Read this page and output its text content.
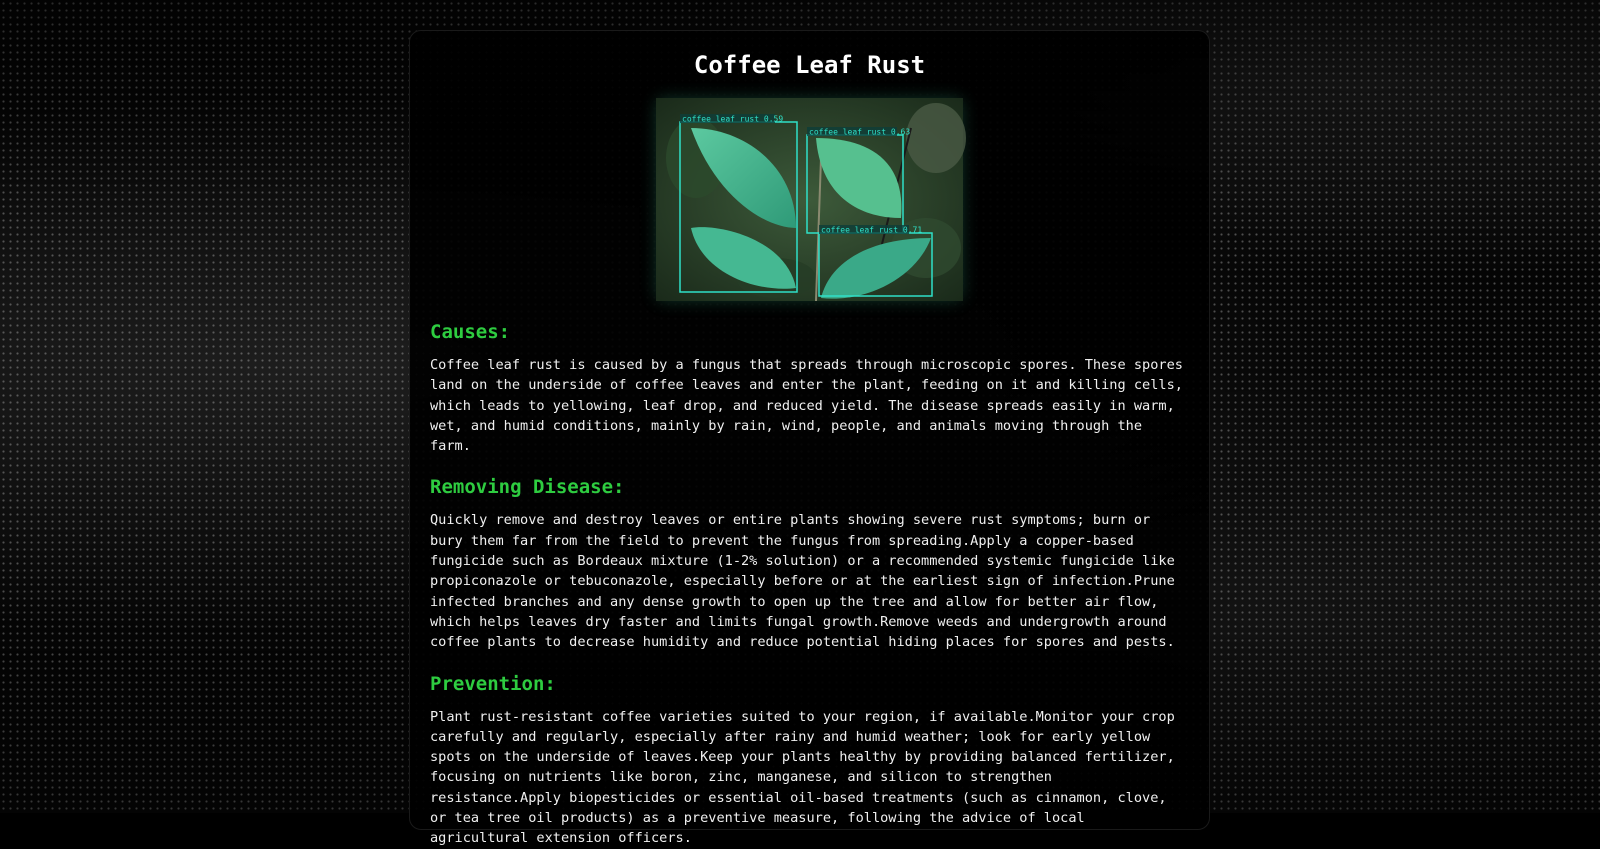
Coffee Leaf Rust
coffee leaf rust 0.59
coffee leaf rust 0.63
coffee leaf rust 0.71
Causes:

Coffee leaf rust is caused by a fungus that spreads through microscopic spores. These spores land on the underside of coffee leaves and enter the plant, feeding on it and killing cells, which leads to yellowing, leaf drop, and reduced yield. The disease spreads easily in warm, wet, and humid conditions, mainly by rain, wind, people, and animals moving through the farm.

Removing Disease:

Quickly remove and destroy leaves or entire plants showing severe rust symptoms; burn or bury them far from the field to prevent the fungus from spreading.Apply a copper-based fungicide such as Bordeaux mixture (1-2% solution) or a recommended systemic fungicide like propiconazole or tebuconazole, especially before or at the earliest sign of infection.Prune infected branches and any dense growth to open up the tree and allow for better air flow, which helps leaves dry faster and limits fungal growth.Remove weeds and undergrowth around coffee plants to decrease humidity and reduce potential hiding places for spores and pests.

Prevention:

Plant rust-resistant coffee varieties suited to your region, if available.Monitor your crop carefully and regularly, especially after rainy and humid weather; look for early yellow spots on the underside of leaves.Keep your plants healthy by providing balanced fertilizer, focusing on nutrients like boron, zinc, manganese, and silicon to strengthen resistance.Apply biopesticides or essential oil-based treatments (such as cinnamon, clove, or tea tree oil products) as a preventive measure, following the advice of local agricultural extension officers.
